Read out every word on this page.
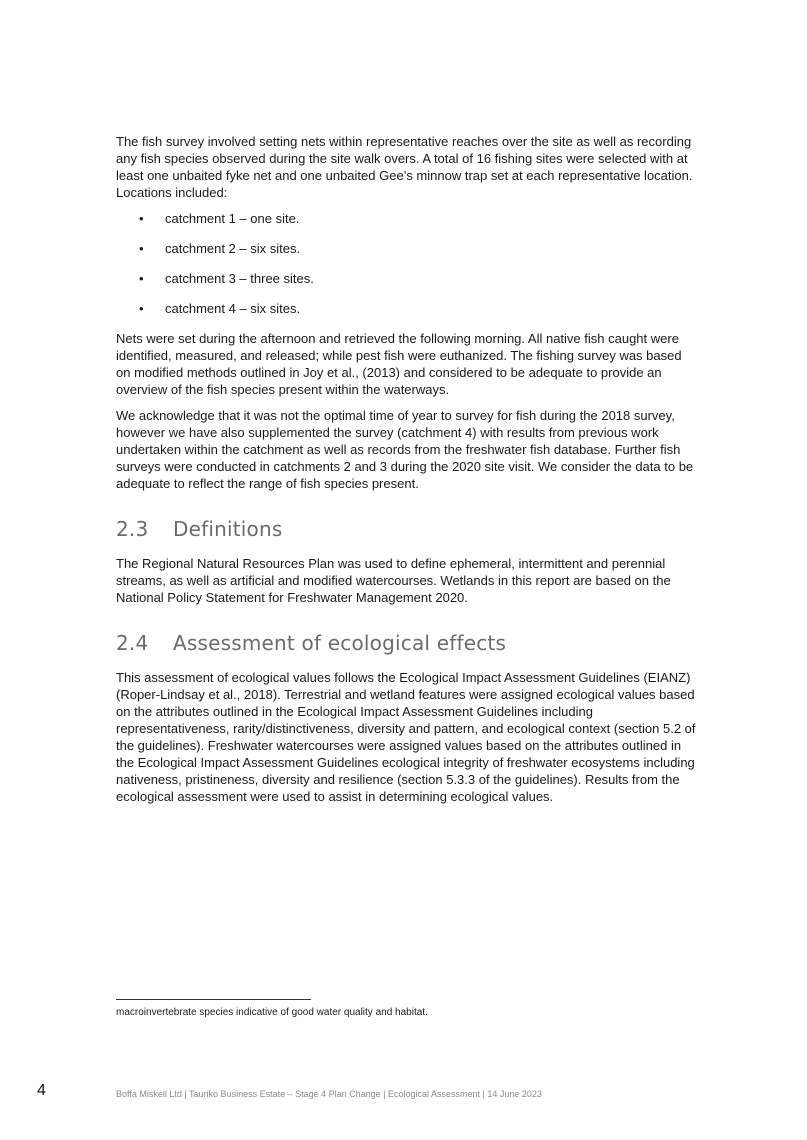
The fish survey involved setting nets within representative reaches over the site as well as recording any fish species observed during the site walk overs. A total of 16 fishing sites were selected with at least one unbaited fyke net and one unbaited Gee’s minnow trap set at each representative location. Locations included:

• catchment 1 – one site.
• catchment 2 – six sites.
• catchment 3 – three sites.
• catchment 4 – six sites.

Nets were set during the afternoon and retrieved the following morning. All native fish caught were identified, measured, and released; while pest fish were euthanized. The fishing survey was based on modified methods outlined in Joy et al., (2013) and considered to be adequate to provide an overview of the fish species present within the waterways.

We acknowledge that it was not the optimal time of year to survey for fish during the 2018 survey, however we have also supplemented the survey (catchment 4) with results from previous work undertaken within the catchment as well as records from the freshwater fish database. Further fish surveys were conducted in catchments 2 and 3 during the 2020 site visit. We consider the data to be adequate to reflect the range of fish species present.

2.3 Definitions

The Regional Natural Resources Plan was used to define ephemeral, intermittent and perennial streams, as well as artificial and modified watercourses. Wetlands in this report are based on the National Policy Statement for Freshwater Management 2020.

2.4 Assessment of ecological effects

This assessment of ecological values follows the Ecological Impact Assessment Guidelines (EIANZ) (Roper-Lindsay et al., 2018). Terrestrial and wetland features were assigned ecological values based on the attributes outlined in the Ecological Impact Assessment Guidelines including representativeness, rarity/distinctiveness, diversity and pattern, and ecological context (section 5.2 of the guidelines). Freshwater watercourses were assigned values based on the attributes outlined in the Ecological Impact Assessment Guidelines ecological integrity of freshwater ecosystems including nativeness, pristineness, diversity and resilience (section 5.3.3 of the guidelines). Results from the ecological assessment were used to assist in determining ecological values.

macroinvertebrate species indicative of good water quality and habitat.

4	Boffa Miskell Ltd | Tauriko Business Estate – Stage 4 Plan Change | Ecological Assessment | 14 June 2023
